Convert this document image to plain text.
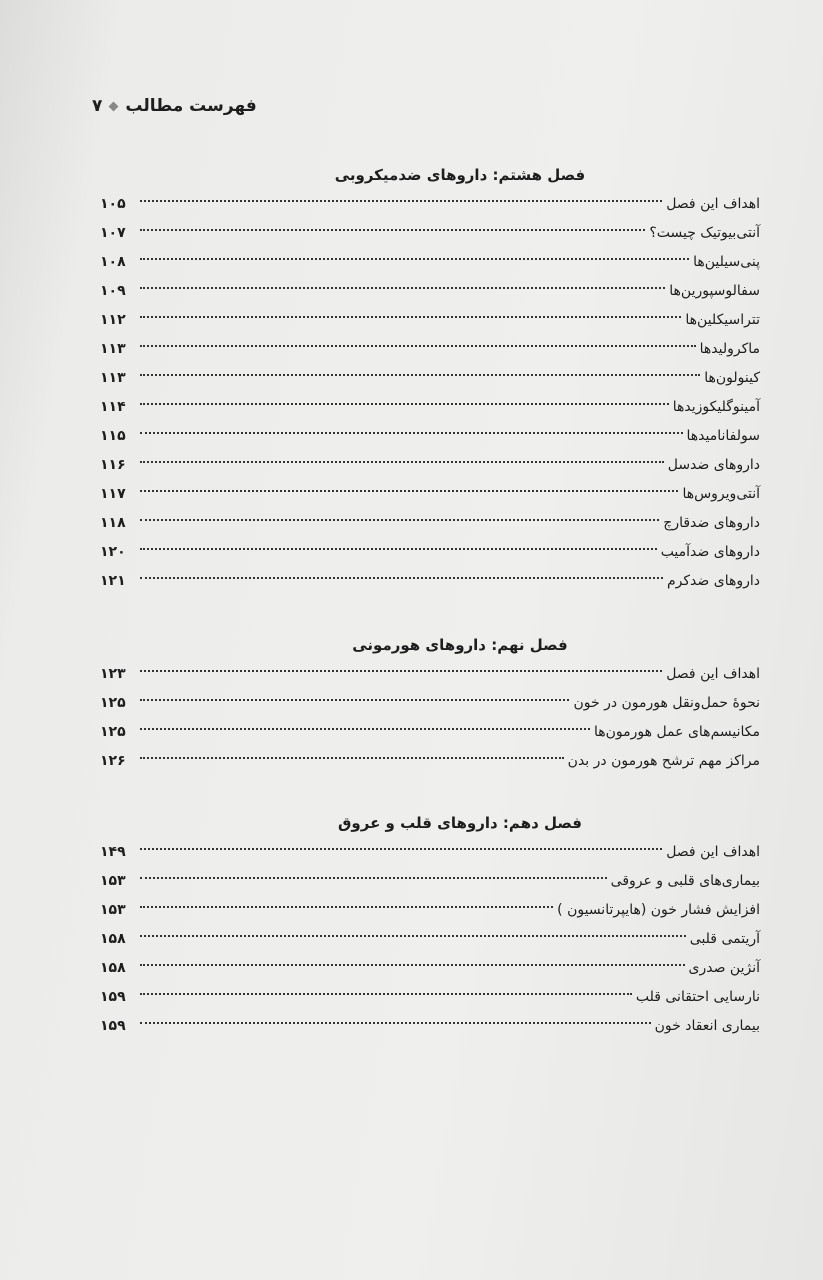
فهرست مطالب
۷
فصل هشتم: داروهای ضدمیکروبی
اهداف این فصل
۱۰۵
آنتی‌بیوتیک چیست؟
۱۰۷
پنی‌سیلین‌ها
۱۰۸
سفالوسپورین‌ها
۱۰۹
تتراسیکلین‌ها
۱۱۲
ماکرولیدها
۱۱۳
کینولون‌ها
۱۱۳
آمینوگلیکوزیدها
۱۱۴
سولفانامیدها
۱۱۵
داروهای ضدسل
۱۱۶
آنتی‌ویروس‌ها
۱۱۷
داروهای ضدقارچ
۱۱۸
داروهای ضدآمیب
۱۲۰
داروهای ضدکرم
۱۲۱
فصل نهم: داروهای هورمونی
اهداف این فصل
۱۲۳
نحوهٔ حمل‌ونقل هورمون در خون
۱۲۵
مکانیسم‌های عمل هورمون‌ها
۱۲۵
مراکز مهم ترشح هورمون در بدن
۱۲۶
فصل دهم: داروهای قلب و عروق
اهداف این فصل
۱۴۹
بیماری‌های قلبی و عروقی
۱۵۳
افزایش فشار خون (هایپرتانسیون )
۱۵۳
آریتمی قلبی
۱۵۸
آنژین صدری
۱۵۸
نارسایی احتقانی قلب
۱۵۹
بیماری انعقاد خون
۱۵۹
